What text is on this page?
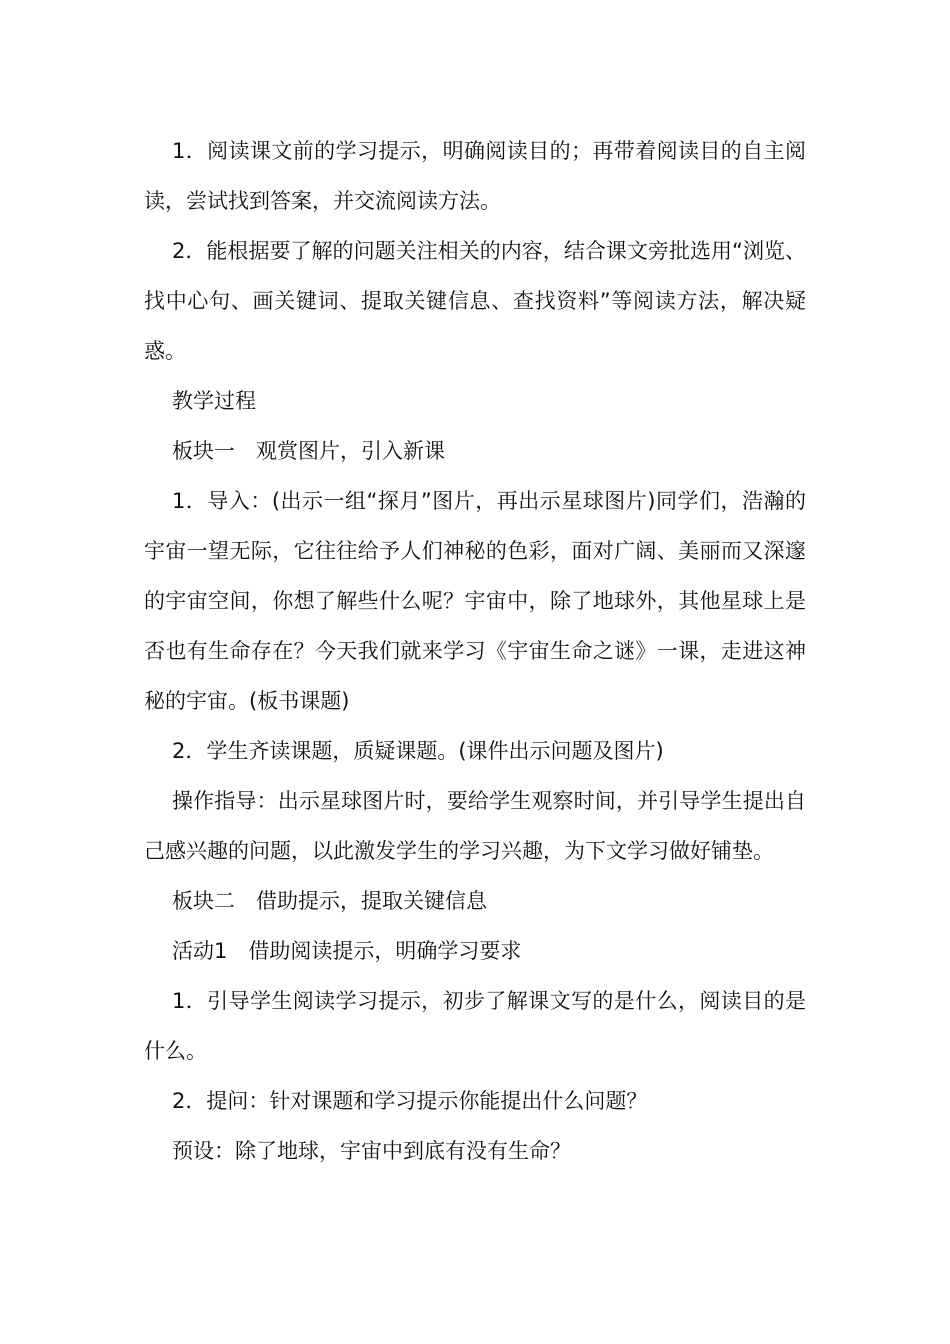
1．阅读课文前的学习提示，明确阅读目的；再带着阅读目的自主阅读，尝试找到答案，并交流阅读方法。

2．能根据要了解的问题关注相关的内容，结合课文旁批选用“浏览、找中心句、画关键词、提取关键信息、查找资料”等阅读方法，解决疑惑。

教学过程

板块一　观赏图片，引入新课

1．导入：(出示一组“探月”图片，再出示星球图片)同学们，浩瀚的宇宙一望无际，它往往给予人们神秘的色彩，面对广阔、美丽而又深邃的宇宙空间，你想了解些什么呢？宇宙中，除了地球外，其他星球上是否也有生命存在？今天我们就来学习《宇宙生命之谜》一课，走进这神秘的宇宙。(板书课题)

2．学生齐读课题，质疑课题。(课件出示问题及图片)

操作指导：出示星球图片时，要给学生观察时间，并引导学生提出自己感兴趣的问题，以此激发学生的学习兴趣，为下文学习做好铺垫。

板块二　借助提示，提取关键信息

活动1　借助阅读提示，明确学习要求

1．引导学生阅读学习提示，初步了解课文写的是什么，阅读目的是什么。

2．提问：针对课题和学习提示你能提出什么问题？

预设：除了地球，宇宙中到底有没有生命？
